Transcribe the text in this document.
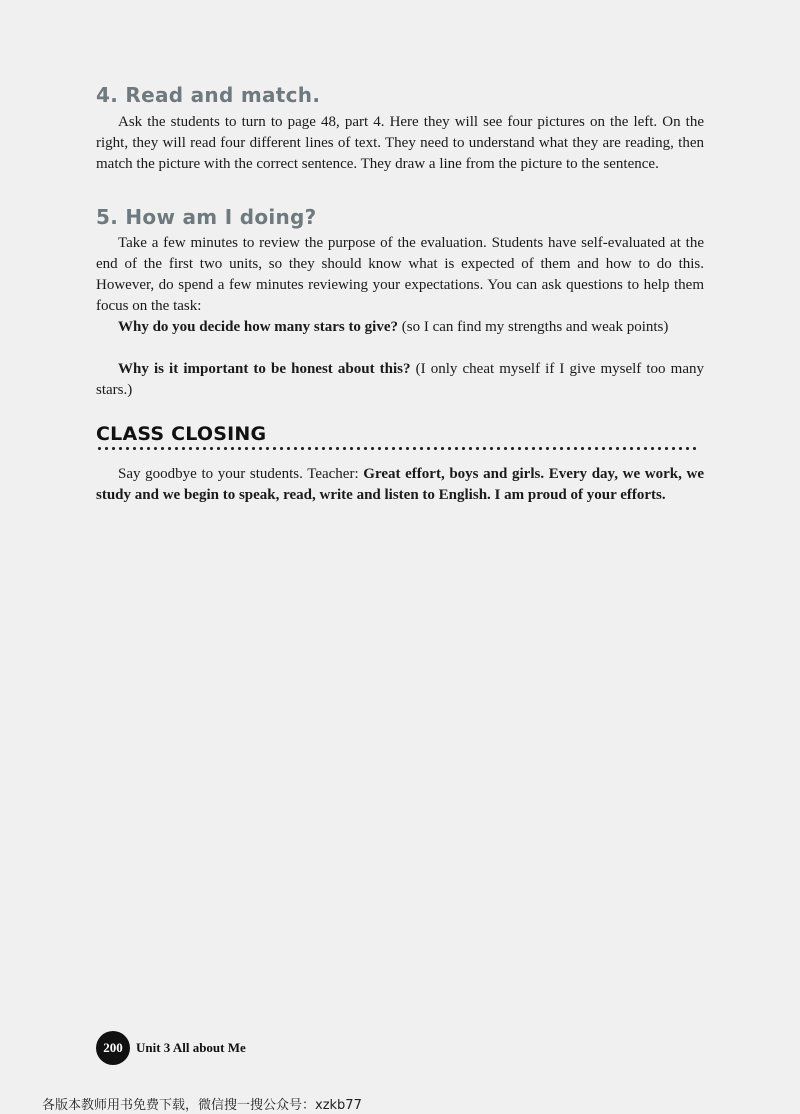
4. Read and match.

Ask the students to turn to page 48, part 4. Here they will see four pictures on the left. On the right, they will read four different lines of text. They need to understand what they are reading, then match the picture with the correct sentence. They draw a line from the picture to the sentence.

5. How am I doing?

Take a few minutes to review the purpose of the evaluation. Students have self-evaluated at the end of the first two units, so they should know what is expected of them and how to do this. However, do spend a few minutes reviewing your expectations. You can ask questions to help them focus on the task:

Why do you decide how many stars to give? (so I can find my strengths and weak points)

Why is it important to be honest about this? (I only cheat myself if I give myself too many stars.)

CLASS CLOSING

Say goodbye to your students. Teacher: Great effort, boys and girls. Every day, we work, we study and we begin to speak, read, write and listen to English. I am proud of your efforts.

200	Unit 3 All about Me
各版本教师用书免费下载，微信搜一搜公众号：xzkb77
